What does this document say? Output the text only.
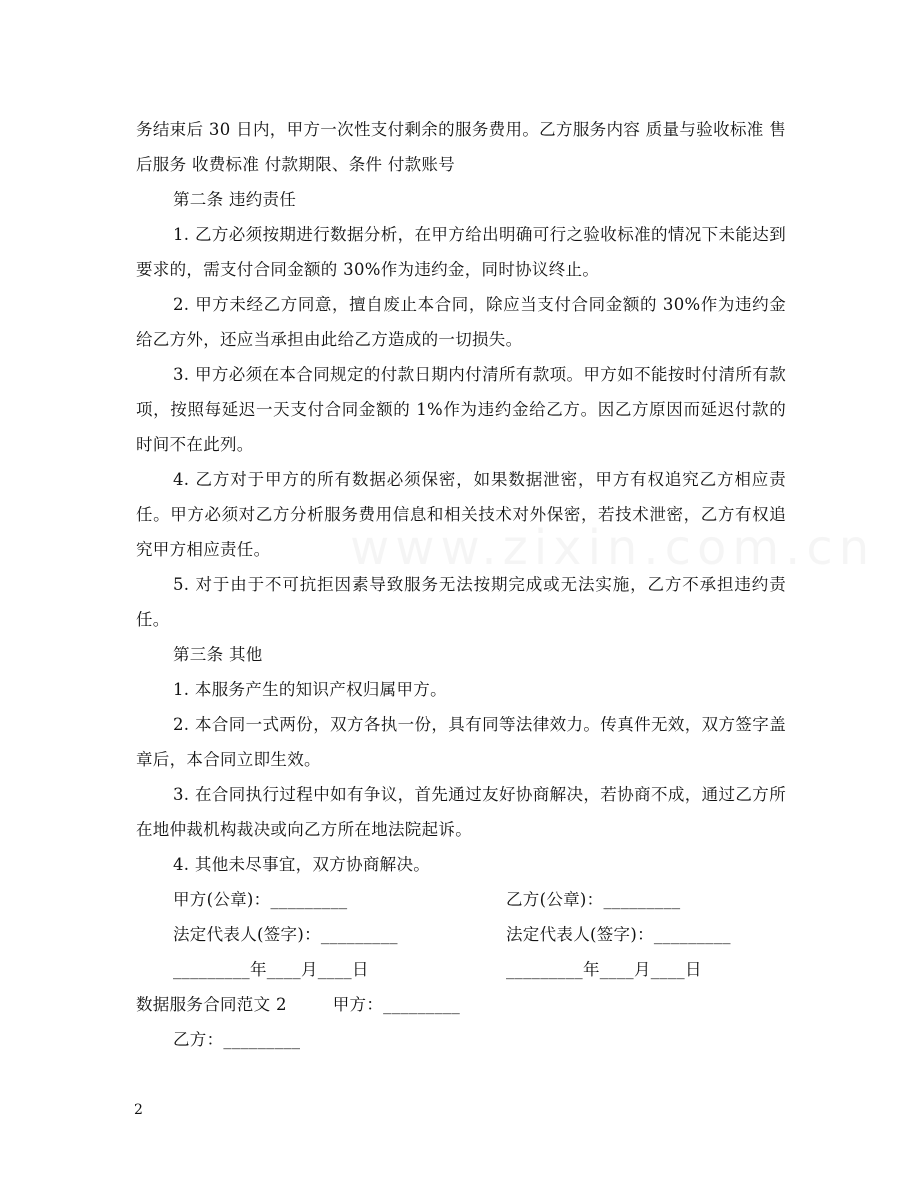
务结束后 30 日内，甲方一次性支付剩余的服务费用。乙方服务内容 质量与验收标准 售后服务 收费标准 付款期限、条件 付款账号

第二条 违约责任

1. 乙方必须按期进行数据分析，在甲方给出明确可行之验收标准的情况下未能达到要求的，需支付合同金额的 30%作为违约金，同时协议终止。

2. 甲方未经乙方同意，擅自废止本合同，除应当支付合同金额的 30%作为违约金给乙方外，还应当承担由此给乙方造成的一切损失。

3. 甲方必须在本合同规定的付款日期内付清所有款项。甲方如不能按时付清所有款项，按照每延迟一天支付合同金额的 1%作为违约金给乙方。因乙方原因而延迟付款的时间不在此列。

4. 乙方对于甲方的所有数据必须保密，如果数据泄密，甲方有权追究乙方相应责任。甲方必须对乙方分析服务费用信息和相关技术对外保密，若技术泄密，乙方有权追究甲方相应责任。

5. 对于由于不可抗拒因素导致服务无法按期完成或无法实施，乙方不承担违约责任。

第三条 其他

1. 本服务产生的知识产权归属甲方。

2. 本合同一式两份，双方各执一份，具有同等法律效力。传真件无效，双方签字盖章后，本合同立即生效。

3. 在合同执行过程中如有争议，首先通过友好协商解决，若协商不成，通过乙方所在地仲裁机构裁决或向乙方所在地法院起诉。

4. 其他未尽事宜，双方协商解决。

甲方(公章)：_________	乙方(公章)：_________
法定代表人(签字)：_________	法定代表人(签字)：_________
_________年____月____日	_________年____月____日
数据服务合同范文 2	甲方：_________
乙方：_________
2
